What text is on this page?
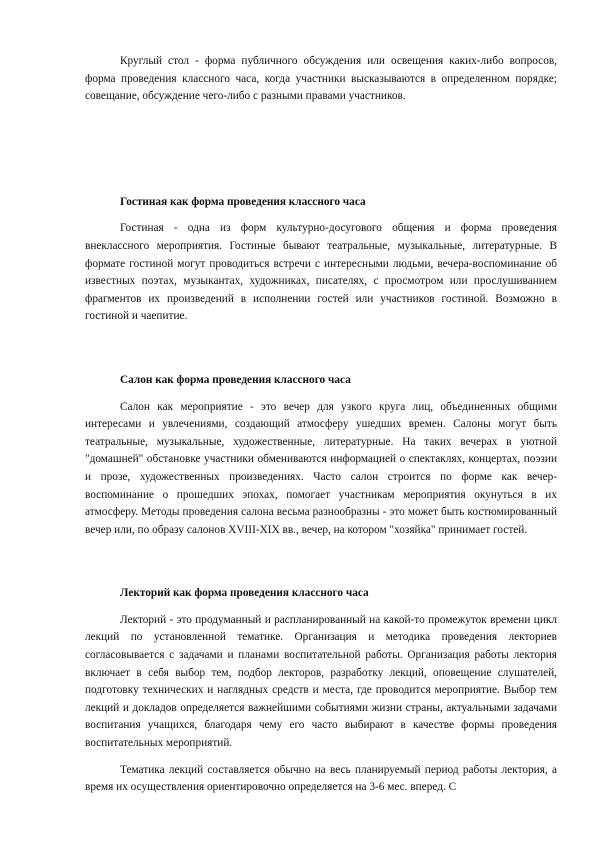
Круглый стол - форма публичного обсуждения или освещения каких-либо вопросов, форма проведения классного часа, когда участники высказываются в определенном порядке; совещание, обсуждение чего-либо с разными правами участников.

Гостиная как форма проведения классного часа

Гостиная - одна из форм культурно-досугового общения и форма проведения внеклассного мероприятия. Гостиные бывают театральные, музыкальные, литературные. В формате гостиной могут проводиться встречи с интересными людьми, вечера-воспоминание об известных поэтах, музыкантах, художниках, писателях, с просмотром или прослушиванием фрагментов их произведений в исполнении гостей или участников гостиной. Возможно в гостиной и чаепитие.

Салон как форма проведения классного часа

Салон как мероприятие - это вечер для узкого круга лиц, объединенных общими интересами и увлечениями, создающий атмосферу ушедших времен. Салоны могут быть театральные, музыкальные, художественные, литературные. На таких вечерах в уютной "домашней" обстановке участники обмениваются информацией о спектаклях, концертах, поэзии и прозе, художественных произведениях. Часто салон строится по форме как вечер-воспоминание о прошедших эпохах, помогает участникам мероприятия окунуться в их атмосферу. Методы проведения салона весьма разнообразны - это может быть костюмированный вечер или, по образу салонов XVIII-XIX вв., вечер, на котором "хозяйка" принимает гостей.

Лекторий как форма проведения классного часа

Лекторий - это продуманный и распланированный на какой-то промежуток времени цикл лекций по установленной тематике. Организация и методика проведения лекториев согласовывается с задачами и планами воспитательной работы. Организация работы лектория включает в себя выбор тем, подбор лекторов, разработку лекций, оповещение слушателей, подготовку технических и наглядных средств и места, где проводится мероприятие. Выбор тем лекций и докладов определяется важнейшими событиями жизни страны, актуальными задачами воспитания учащихся, благодаря чему его часто выбирают в качестве формы проведения воспитательных мероприятий.

Тематика лекций составляется обычно на весь планируемый период работы лектория, а время их осуществления ориентировочно определяется на 3-6 мес. вперед. С
